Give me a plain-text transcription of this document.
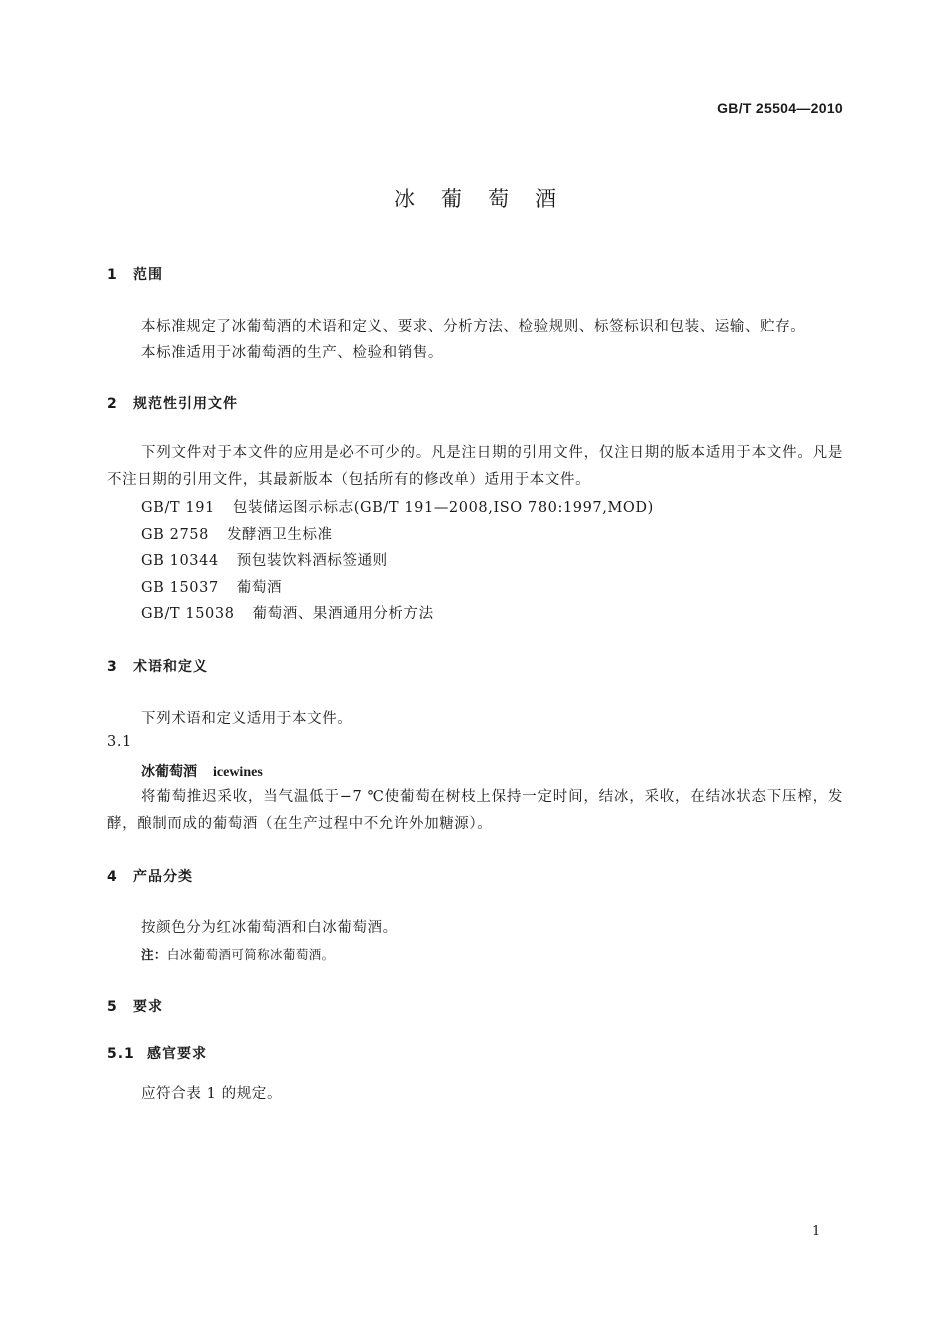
GB/T 25504—2010
冰葡萄酒
1 范围
本标准规定了冰葡萄酒的术语和定义、要求、分析方法、检验规则、标签标识和包装、运输、贮存。
本标准适用于冰葡萄酒的生产、检验和销售。
2 规范性引用文件
下列文件对于本文件的应用是必不可少的。凡是注日期的引用文件，仅注日期的版本适用于本文件。凡是不注日期的引用文件，其最新版本（包括所有的修改单）适用于本文件。
GB/T 191 包装储运图示标志(GB/T 191—2008,ISO 780:1997,MOD)
GB 2758 发酵酒卫生标准
GB 10344 预包装饮料酒标签通则
GB 15037 葡萄酒
GB/T 15038 葡萄酒、果酒通用分析方法
3 术语和定义
下列术语和定义适用于本文件。
3.1
冰葡萄酒 icewines
将葡萄推迟采收，当气温低于−7 ℃使葡萄在树枝上保持一定时间，结冰，采收，在结冰状态下压榨，发酵，酿制而成的葡萄酒（在生产过程中不允许外加糖源）。
4 产品分类
按颜色分为红冰葡萄酒和白冰葡萄酒。
注：白冰葡萄酒可简称冰葡萄酒。
5 要求
5.1 感官要求
应符合表 1 的规定。
1
